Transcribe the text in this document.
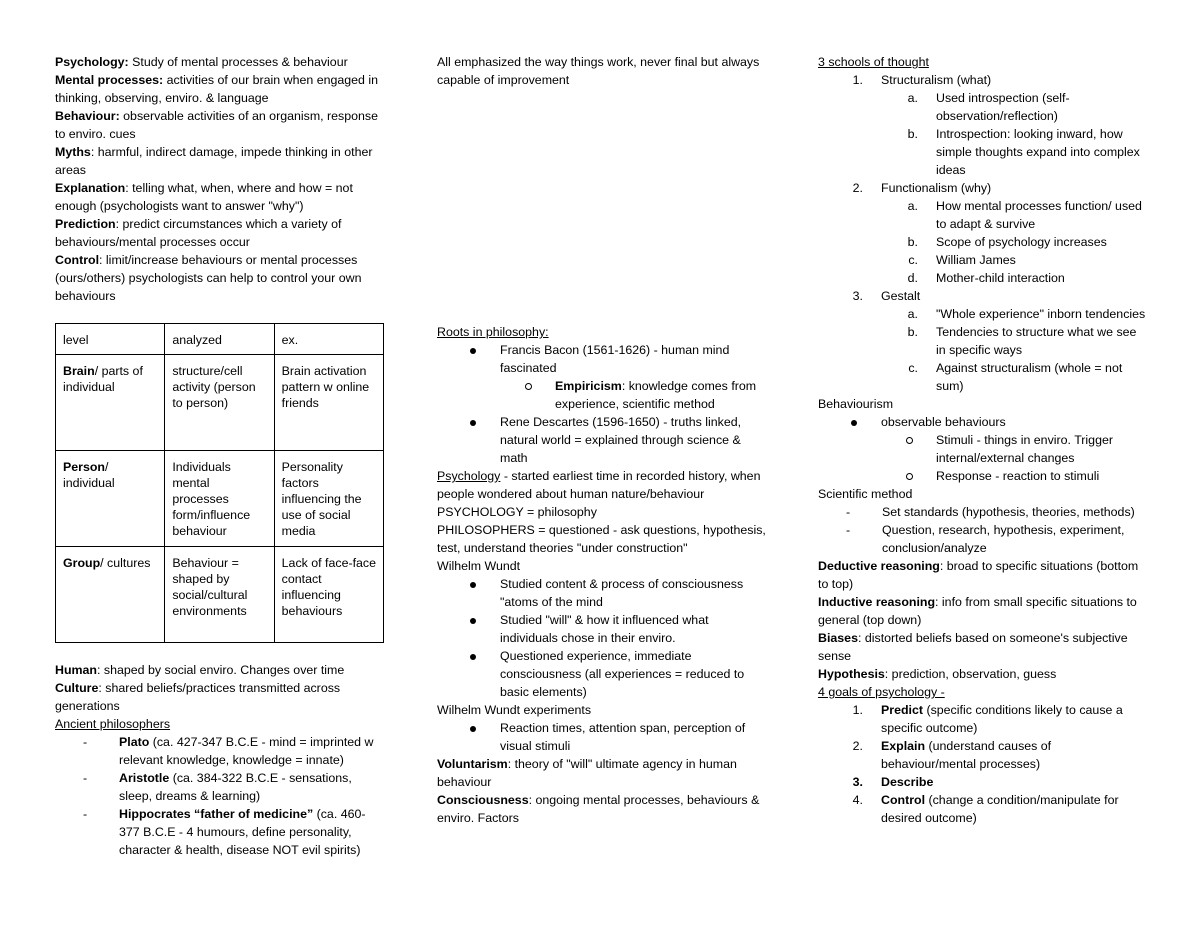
Psychology: Study of mental processes & behaviour

Mental processes: activities of our brain when engaged in thinking, observing, enviro. & language

Behaviour: observable activities of an organism, response to enviro. cues

Myths: harmful, indirect damage, impede thinking in other areas

Explanation: telling what, when, where and how = not enough (psychologists want to answer "why")

Prediction: predict circumstances which a variety of behaviours/mental processes occur

Control: limit/increase behaviours or mental processes (ours/others) psychologists can help to control your own behaviours

level	analyzed	ex.
Brain/ parts of individual	structure/cell activity (person to person)	Brain activation pattern w online friends
Person/ individual	Individuals mental processes form/influence behaviour	Personality factors influencing the use of social media
Group/ cultures	Behaviour = shaped by social/cultural environments	Lack of face-face contact influencing behaviours

Human: shaped by social enviro. Changes over time

Culture: shared beliefs/practices transmitted across generations

Ancient philosophers

-	Plato (ca. 427-347 B.C.E - mind = imprinted w relevant knowledge, knowledge = innate)
-	Aristotle (ca. 384-322 B.C.E - sensations, sleep, dreams & learning)
-	Hippocrates “father of medicine” (ca. 460-377 B.C.E - 4 humours, define personality, character & health, disease NOT evil spirits)

All emphasized the way things work, never final but always capable of improvement

Roots in philosophy:

Francis Bacon (1561-1626) - human mind fascinated
Empiricism: knowledge comes from experience, scientific method
Rene Descartes (1596-1650) - truths linked, natural world = explained through science & math

Psychology - started earliest time in recorded history, when people wondered about human nature/behaviour

PSYCHOLOGY = philosophy

PHILOSOPHERS = questioned - ask questions, hypothesis, test, understand theories "under construction"

Wilhelm Wundt

Studied content & process of consciousness "atoms of the mind
Studied "will" & how it influenced what individuals chose in their enviro.
Questioned experience, immediate consciousness (all experiences = reduced to basic elements)

Wilhelm Wundt experiments

Reaction times, attention span, perception of visual stimuli

Voluntarism: theory of "will" ultimate agency in human behaviour

Consciousness: ongoing mental processes, behaviours & enviro. Factors

3 schools of thought

1. Structuralism (what)
a. Used introspection (self-observation/reflection)
b. Introspection: looking inward, how simple thoughts expand into complex ideas
2. Functionalism (why)
a. How mental processes function/ used to adapt & survive
b. Scope of psychology increases
c. William James
d. Mother-child interaction
3. Gestalt
a. "Whole experience" inborn tendencies
b. Tendencies to structure what we see in specific ways
c. Against structuralism (whole = not sum)

Behaviourism

observable behaviours
Stimuli - things in enviro. Trigger internal/external changes
Response - reaction to stimuli

Scientific method

-	Set standards (hypothesis, theories, methods)
-	Question, research, hypothesis, experiment, conclusion/analyze

Deductive reasoning: broad to specific situations (bottom to top)

Inductive reasoning: info from small specific situations to general (top down)

Biases: distorted beliefs based on someone's subjective sense

Hypothesis: prediction, observation, guess

4 goals of psychology -

1. Predict (specific conditions likely to cause a specific outcome)
2. Explain (understand causes of behaviour/mental processes)
3. Describe
4. Control (change a condition/manipulate for desired outcome)
